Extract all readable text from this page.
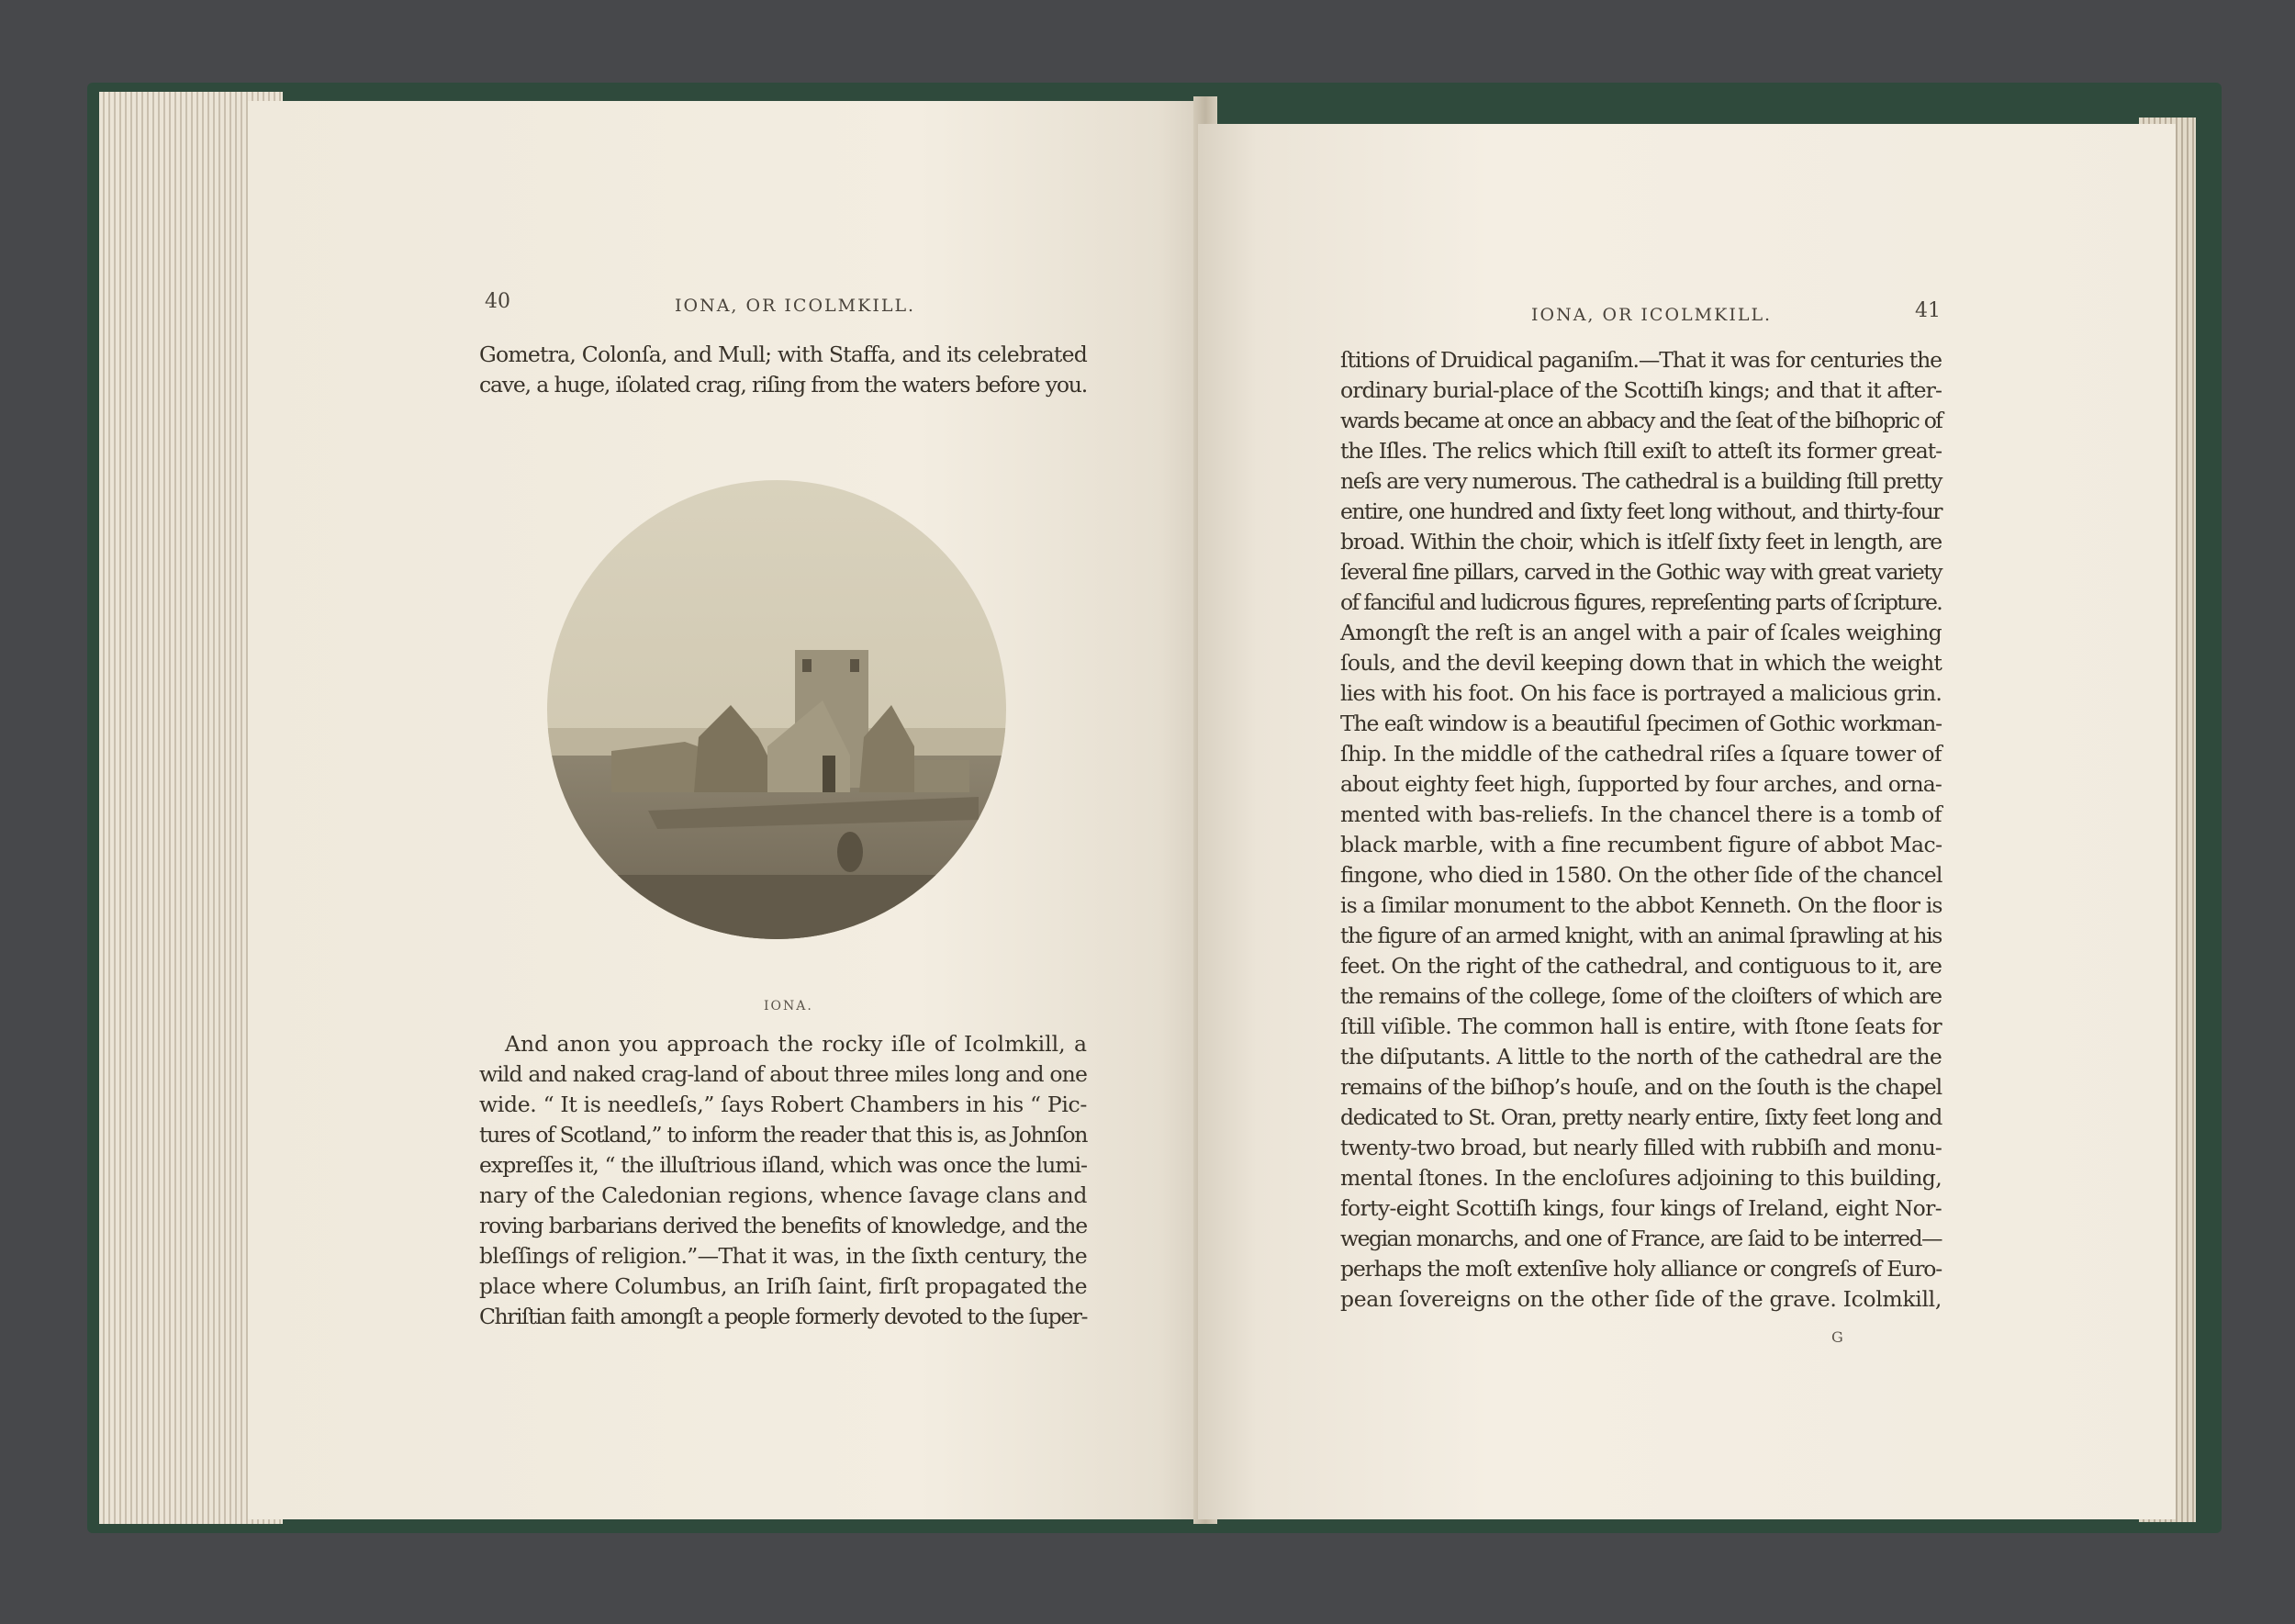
40	IONA, OR ICOLMKILL.
Gometra, Colonſa, and Mull; with Staffa, and its celebrated
cave, a huge, iſolated crag, riſing from the waters before you.
IONA.
And anon you approach the rocky iſle of Icolmkill, a
wild and naked crag-land of about three miles long and one
wide. “ It is needleſs,” ſays Robert Chambers in his “ Pic-
tures of Scotland,” to inform the reader that this is, as Johnſon
expreſſes it, “ the illuſtrious iſland, which was once the lumi-
nary of the Caledonian regions, whence ſavage clans and
roving barbarians derived the benefits of knowledge, and the
bleſſings of religion.”—That it was, in the ſixth century, the
place where Columbus, an Iriſh ſaint, firſt propagated the
Chriſtian faith amongſt a people formerly devoted to the ſuper-
IONA, OR ICOLMKILL.	41
ſtitions of Druidical paganiſm.—That it was for centuries the
ordinary burial-place of the Scottiſh kings; and that it after-
wards became at once an abbacy and the ſeat of the biſhopric of
the Iſles. The relics which ſtill exiſt to atteſt its former great-
neſs are very numerous. The cathedral is a building ſtill pretty
entire, one hundred and ſixty feet long without, and thirty-four
broad. Within the choir, which is itſelf ſixty feet in length, are
ſeveral fine pillars, carved in the Gothic way with great variety
of fanciful and ludicrous figures, repreſenting parts of ſcripture.
Amongſt the reſt is an angel with a pair of ſcales weighing
ſouls, and the devil keeping down that in which the weight
lies with his foot. On his face is portrayed a malicious grin.
The eaſt window is a beautiful ſpecimen of Gothic workman-
ſhip. In the middle of the cathedral riſes a ſquare tower of
about eighty feet high, ſupported by four arches, and orna-
mented with bas-reliefs. In the chancel there is a tomb of
black marble, with a fine recumbent figure of abbot Mac-
fingone, who died in 1580. On the other ſide of the chancel
is a ſimilar monument to the abbot Kenneth. On the floor is
the figure of an armed knight, with an animal ſprawling at his
feet. On the right of the cathedral, and contiguous to it, are
the remains of the college, ſome of the cloiſters of which are
ſtill viſible. The common hall is entire, with ſtone ſeats for
the diſputants. A little to the north of the cathedral are the
remains of the biſhop’s houſe, and on the ſouth is the chapel
dedicated to St. Oran, pretty nearly entire, ſixty feet long and
twenty-two broad, but nearly filled with rubbiſh and monu-
mental ſtones. In the encloſures adjoining to this building,
forty-eight Scottiſh kings, four kings of Ireland, eight Nor-
wegian monarchs, and one of France, are ſaid to be interred—
perhaps the moſt extenſive holy alliance or congreſs of Euro-
pean ſovereigns on the other ſide of the grave. Icolmkill,
G
